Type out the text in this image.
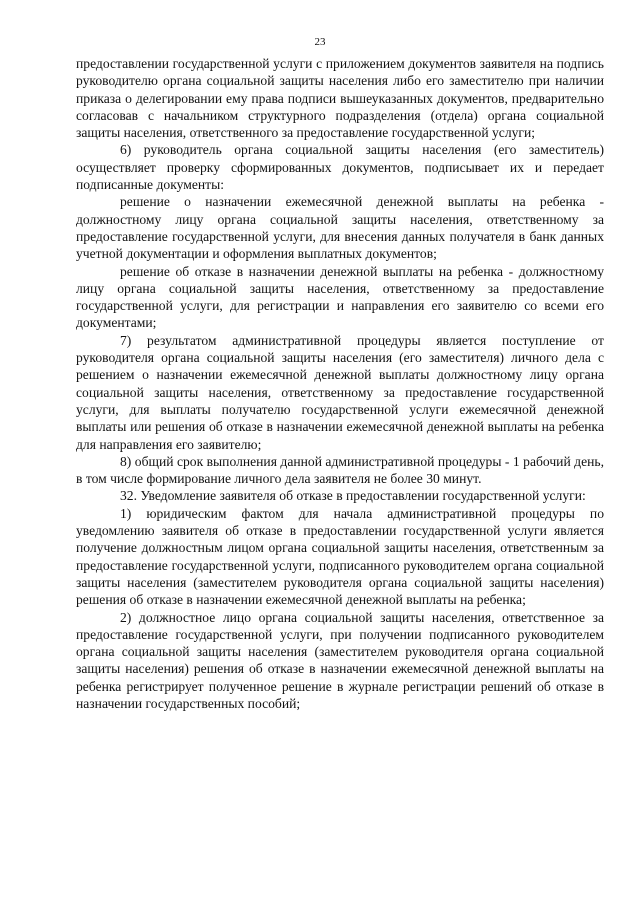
23

предоставлении государственной услуги с приложением документов заявителя на подпись руководителю органа социальной защиты населения либо его заместителю при наличии приказа о делегировании ему права подписи вышеуказанных документов, предварительно согласовав с начальником структурного подразделения (отдела) органа социальной защиты населения, ответственного за предоставление государственной услуги;

6) руководитель органа социальной защиты населения (его заместитель) осуществляет проверку сформированных документов, подписывает их и передает подписанные документы:

решение о назначении ежемесячной денежной выплаты на ребенка - должностному лицу органа социальной защиты населения, ответственному за предоставление государственной услуги, для внесения данных получателя в банк данных учетной документации и оформления выплатных документов;

решение об отказе в назначении денежной выплаты на ребенка - должностному лицу органа социальной защиты населения, ответственному за предоставление государственной услуги, для регистрации и направления его заявителю со всеми его документами;

7) результатом административной процедуры является поступление от руководителя органа социальной защиты населения (его заместителя) личного дела с решением о назначении ежемесячной денежной выплаты должностному лицу органа социальной защиты населения, ответственному за предоставление государственной услуги, для выплаты получателю государственной услуги ежемесячной денежной выплаты или решения об отказе в назначении ежемесячной денежной выплаты на ребенка для направления его заявителю;

8) общий срок выполнения данной административной процедуры - 1 рабочий день, в том числе формирование личного дела заявителя не более 30 минут.

32. Уведомление заявителя об отказе в предоставлении государственной услуги:

1) юридическим фактом для начала административной процедуры по уведомлению заявителя об отказе в предоставлении государственной услуги является получение должностным лицом органа социальной защиты населения, ответственным за предоставление государственной услуги, подписанного руководителем органа социальной защиты населения (заместителем руководителя органа социальной защиты населения) решения об отказе в назначении ежемесячной денежной выплаты на ребенка;

2) должностное лицо органа социальной защиты населения, ответственное за предоставление государственной услуги, при получении подписанного руководителем органа социальной защиты населения (заместителем руководителя органа социальной защиты населения) решения об отказе в назначении ежемесячной денежной выплаты на ребенка регистрирует полученное решение в журнале регистрации решений об отказе в назначении государственных пособий;
